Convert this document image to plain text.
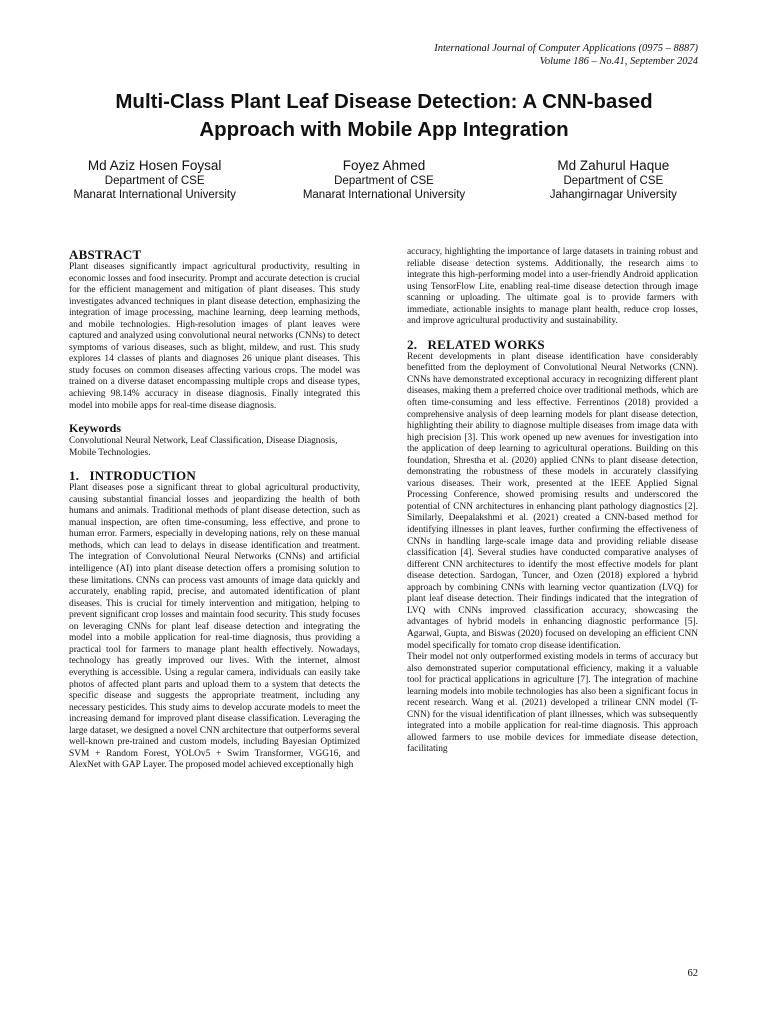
International Journal of Computer Applications (0975 – 8887)
Volume 186 – No.41, September 2024
Multi-Class Plant Leaf Disease Detection: A CNN-based
Approach with Mobile App Integration
Md Aziz Hosen Foysal
Department of CSE
Manarat International University
Foyez Ahmed
Department of CSE
Manarat International University
Md Zahurul Haque
Department of CSE
Jahangirnagar University
ABSTRACT

Plant diseases significantly impact agricultural productivity, resulting in economic losses and food insecurity. Prompt and accurate detection is crucial for the efficient management and mitigation of plant diseases. This study investigates advanced techniques in plant disease detection, emphasizing the integration of image processing, machine learning, deep learning methods, and mobile technologies. High-resolution images of plant leaves were captured and analyzed using convolutional neural networks (CNNs) to detect symptoms of various diseases, such as blight, mildew, and rust. This study explores 14 classes of plants and diagnoses 26 unique plant diseases. This study focuses on common diseases affecting various crops. The model was trained on a diverse dataset encompassing multiple crops and disease types, achieving 98.14% accuracy in disease diagnosis. Finally integrated this model into mobile apps for real-time disease diagnosis.

Keywords

Convolutional Neural Network, Leaf Classification, Disease Diagnosis, Mobile Technologies.

1.   INTRODUCTION

Plant diseases pose a significant threat to global agricultural productivity, causing substantial financial losses and jeopardizing the health of both humans and animals. Traditional methods of plant disease detection, such as manual inspection, are often time-consuming, less effective, and prone to human error. Farmers, especially in developing nations, rely on these manual methods, which can lead to delays in disease identification and treatment. The integration of Convolutional Neural Networks (CNNs) and artificial intelligence (AI) into plant disease detection offers a promising solution to these limitations. CNNs can process vast amounts of image data quickly and accurately, enabling rapid, precise, and automated identification of plant diseases. This is crucial for timely intervention and mitigation, helping to prevent significant crop losses and maintain food security. This study focuses on leveraging CNNs for plant leaf disease detection and integrating the model into a mobile application for real-time diagnosis, thus providing a practical tool for farmers to manage plant health effectively. Nowadays, technology has greatly improved our lives. With the internet, almost everything is accessible. Using a regular camera, individuals can easily take photos of affected plant parts and upload them to a system that detects the specific disease and suggests the appropriate treatment, including any necessary pesticides. This study aims to develop accurate models to meet the increasing demand for improved plant disease classification. Leveraging the large dataset, we designed a novel CNN architecture that outperforms several well-known pre-trained and custom models, including Bayesian Optimized SVM + Random Forest, YOLOv5 + Swim Transformer, VGG16, and AlexNet with GAP Layer. The proposed model achieved exceptionally high

accuracy, highlighting the importance of large datasets in training robust and reliable disease detection systems. Additionally, the research aims to integrate this high-performing model into a user-friendly Android application using TensorFlow Lite, enabling real-time disease detection through image scanning or uploading. The ultimate goal is to provide farmers with immediate, actionable insights to manage plant health, reduce crop losses, and improve agricultural productivity and sustainability.

2.   RELATED WORKS

Recent developments in plant disease identification have considerably benefitted from the deployment of Convolutional Neural Networks (CNN). CNNs have demonstrated exceptional accuracy in recognizing different plant diseases, making them a preferred choice over traditional methods, which are often time-consuming and less effective. Ferrentinos (2018) provided a comprehensive analysis of deep learning models for plant disease detection, highlighting their ability to diagnose multiple diseases from image data with high precision [3]. This work opened up new avenues for investigation into the application of deep learning to agricultural operations. Building on this foundation, Shrestha et al. (2020) applied CNNs to plant disease detection, demonstrating the robustness of these models in accurately classifying various diseases. Their work, presented at the IEEE Applied Signal Processing Conference, showed promising results and underscored the potential of CNN architectures in enhancing plant pathology diagnostics [2]. Similarly, Deepalakshmi et al. (2021) created a CNN-based method for identifying illnesses in plant leaves, further confirming the effectiveness of CNNs in handling large-scale image data and providing reliable disease classification [4]. Several studies have conducted comparative analyses of different CNN architectures to identify the most effective models for plant disease detection. Sardogan, Tuncer, and Ozen (2018) explored a hybrid approach by combining CNNs with learning vector quantization (LVQ) for plant leaf disease detection. Their findings indicated that the integration of LVQ with CNNs improved classification accuracy, showcasing the advantages of hybrid models in enhancing diagnostic performance [5]. Agarwal, Gupta, and Biswas (2020) focused on developing an efficient CNN model specifically for tomato crop disease identification.

Their model not only outperformed existing models in terms of accuracy but also demonstrated superior computational efficiency, making it a valuable tool for practical applications in agriculture [7]. The integration of machine learning models into mobile technologies has also been a significant focus in recent research. Wang et al. (2021) developed a trilinear CNN model (T-CNN) for the visual identification of plant illnesses, which was subsequently integrated into a mobile application for real-time diagnosis. This approach allowed farmers to use mobile devices for immediate disease detection, facilitating

62
